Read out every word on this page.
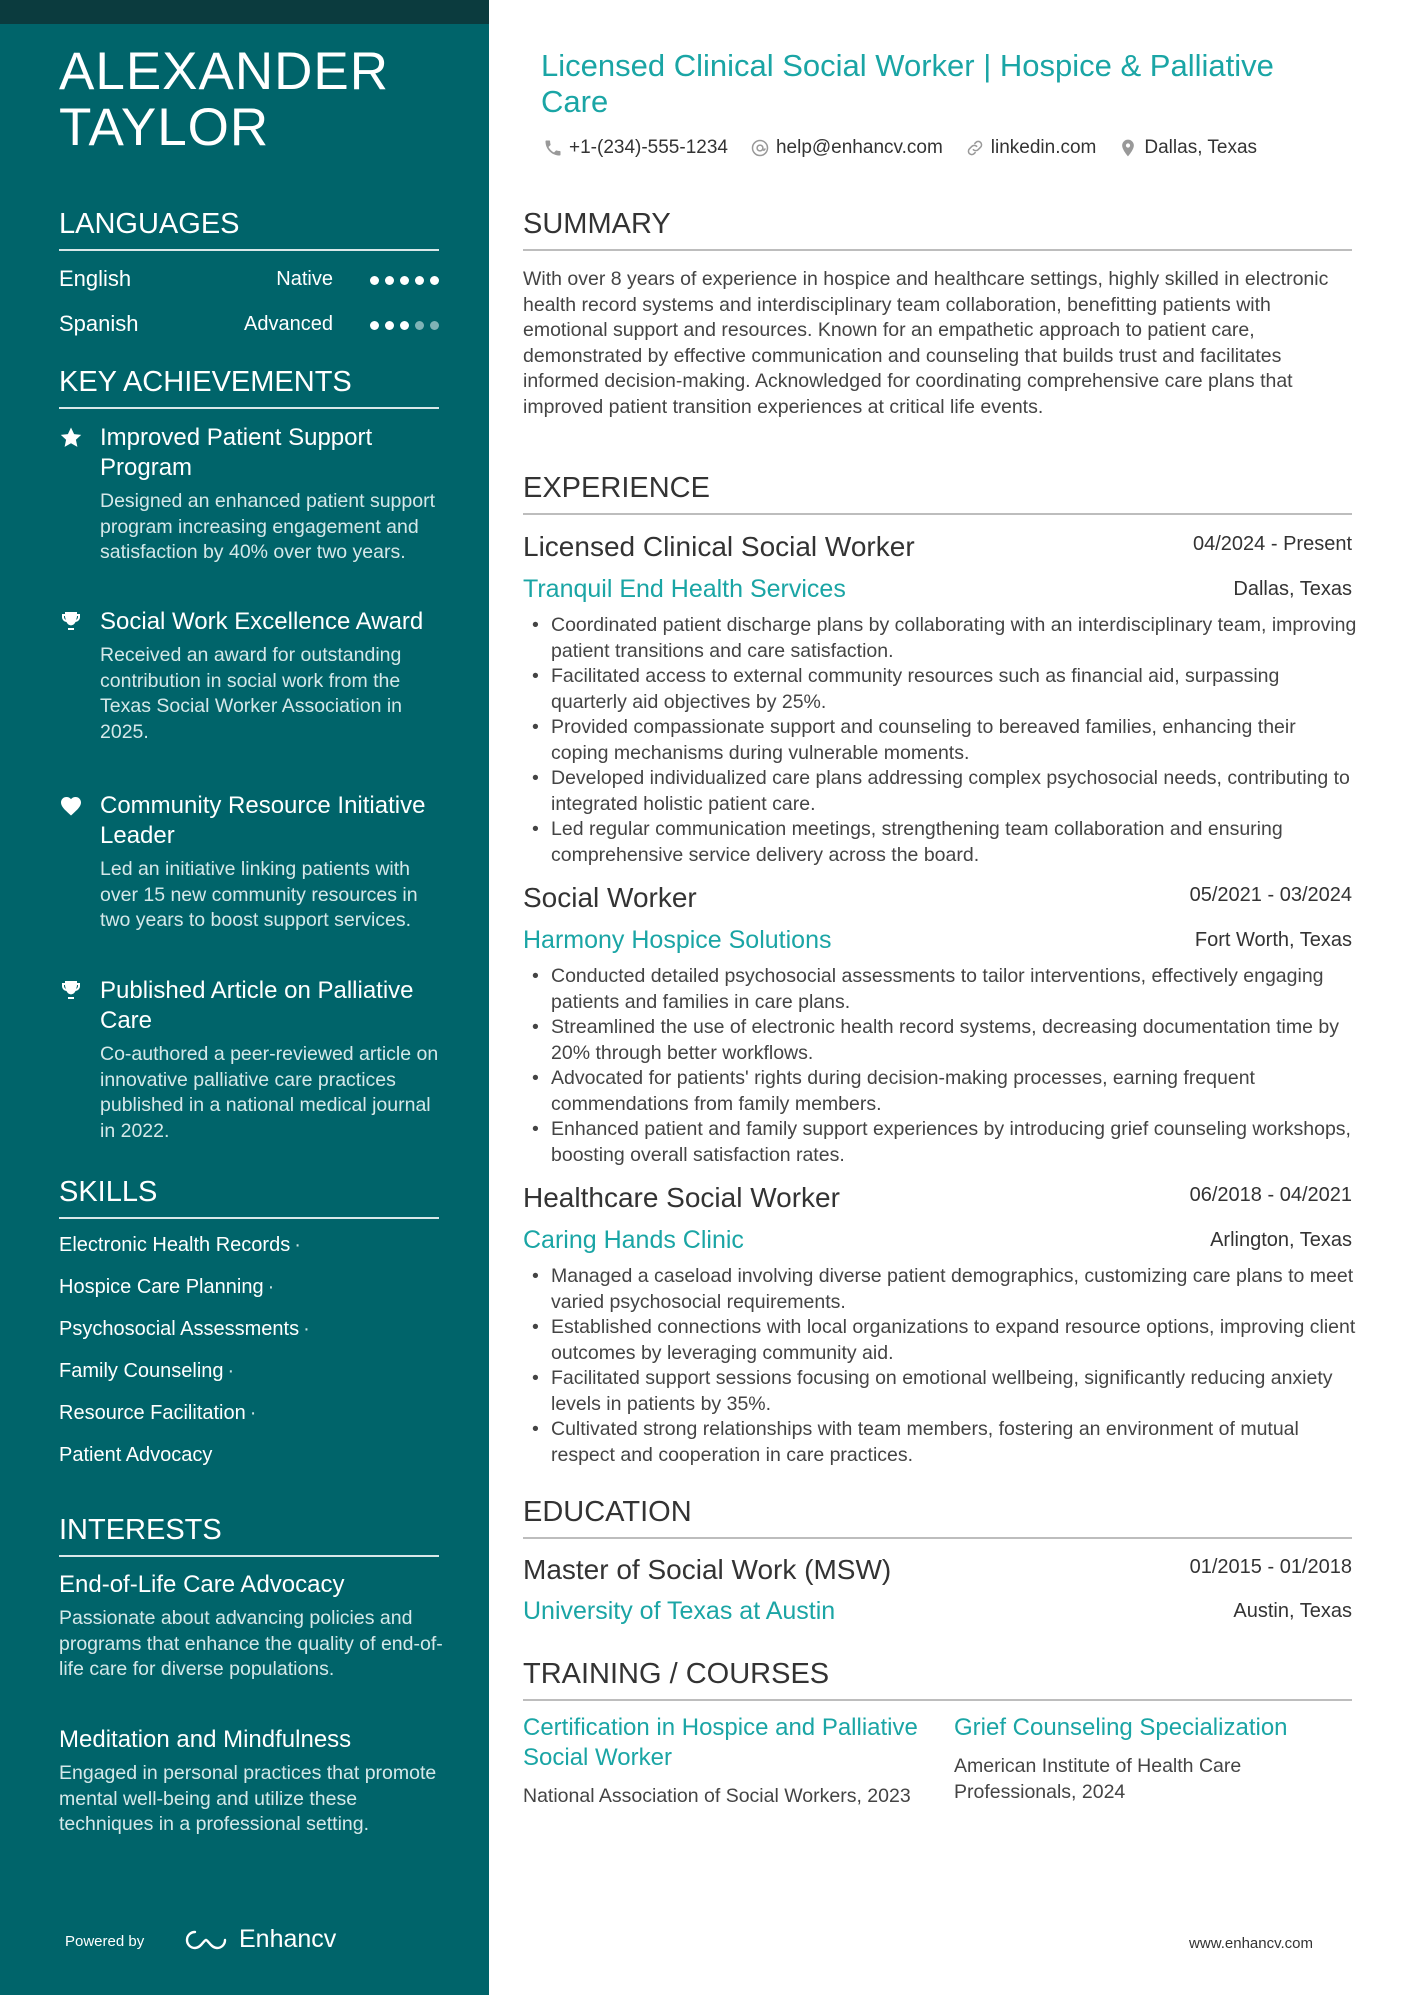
ALEXANDER
TAYLOR
LANGUAGES
English	Native
Spanish	Advanced
KEY ACHIEVEMENTS
Improved Patient Support Program
Designed an enhanced patient support program increasing engagement and satisfaction by 40% over two years.
Social Work Excellence Award
Received an award for outstanding contribution in social work from the Texas Social Worker Association in 2025.
Community Resource Initiative Leader
Led an initiative linking patients with over 15 new community resources in two years to boost support services.
Published Article on Palliative Care
Co-authored a peer-reviewed article on innovative palliative care practices published in a national medical journal in 2022.
SKILLS
Electronic Health Records ·
Hospice Care Planning ·
Psychosocial Assessments ·
Family Counseling ·
Resource Facilitation ·
Patient Advocacy
INTERESTS
End-of-Life Care Advocacy
Passionate about advancing policies and programs that enhance the quality of end-of-life care for diverse populations.
Meditation and Mindfulness
Engaged in personal practices that promote mental well-being and utilize these techniques in a professional setting.
Powered by	Enhancv
Licensed Clinical Social Worker | Hospice & Palliative Care
+1-(234)-555-1234	help@enhancv.com	linkedin.com	Dallas, Texas
SUMMARY
With over 8 years of experience in hospice and healthcare settings, highly skilled in electronic health record systems and interdisciplinary team collaboration, benefitting patients with emotional support and resources. Known for an empathetic approach to patient care, demonstrated by effective communication and counseling that builds trust and facilitates informed decision-making. Acknowledged for coordinating comprehensive care plans that improved patient transition experiences at critical life events.
EXPERIENCE
Licensed Clinical Social Worker	04/2024 - Present
Tranquil End Health Services	Dallas, Texas
• Coordinated patient discharge plans by collaborating with an interdisciplinary team, improving patient transitions and care satisfaction.
• Facilitated access to external community resources such as financial aid, surpassing quarterly aid objectives by 25%.
• Provided compassionate support and counseling to bereaved families, enhancing their coping mechanisms during vulnerable moments.
• Developed individualized care plans addressing complex psychosocial needs, contributing to integrated holistic patient care.
• Led regular communication meetings, strengthening team collaboration and ensuring comprehensive service delivery across the board.
Social Worker	05/2021 - 03/2024
Harmony Hospice Solutions	Fort Worth, Texas
• Conducted detailed psychosocial assessments to tailor interventions, effectively engaging patients and families in care plans.
• Streamlined the use of electronic health record systems, decreasing documentation time by 20% through better workflows.
• Advocated for patients' rights during decision-making processes, earning frequent commendations from family members.
• Enhanced patient and family support experiences by introducing grief counseling workshops, boosting overall satisfaction rates.
Healthcare Social Worker	06/2018 - 04/2021
Caring Hands Clinic	Arlington, Texas
• Managed a caseload involving diverse patient demographics, customizing care plans to meet varied psychosocial requirements.
• Established connections with local organizations to expand resource options, improving client outcomes by leveraging community aid.
• Facilitated support sessions focusing on emotional wellbeing, significantly reducing anxiety levels in patients by 35%.
• Cultivated strong relationships with team members, fostering an environment of mutual respect and cooperation in care practices.
EDUCATION
Master of Social Work (MSW)	01/2015 - 01/2018
University of Texas at Austin	Austin, Texas
TRAINING / COURSES
Certification in Hospice and Palliative Social Worker
National Association of Social Workers, 2023
Grief Counseling Specialization
American Institute of Health Care Professionals, 2024
www.enhancv.com
